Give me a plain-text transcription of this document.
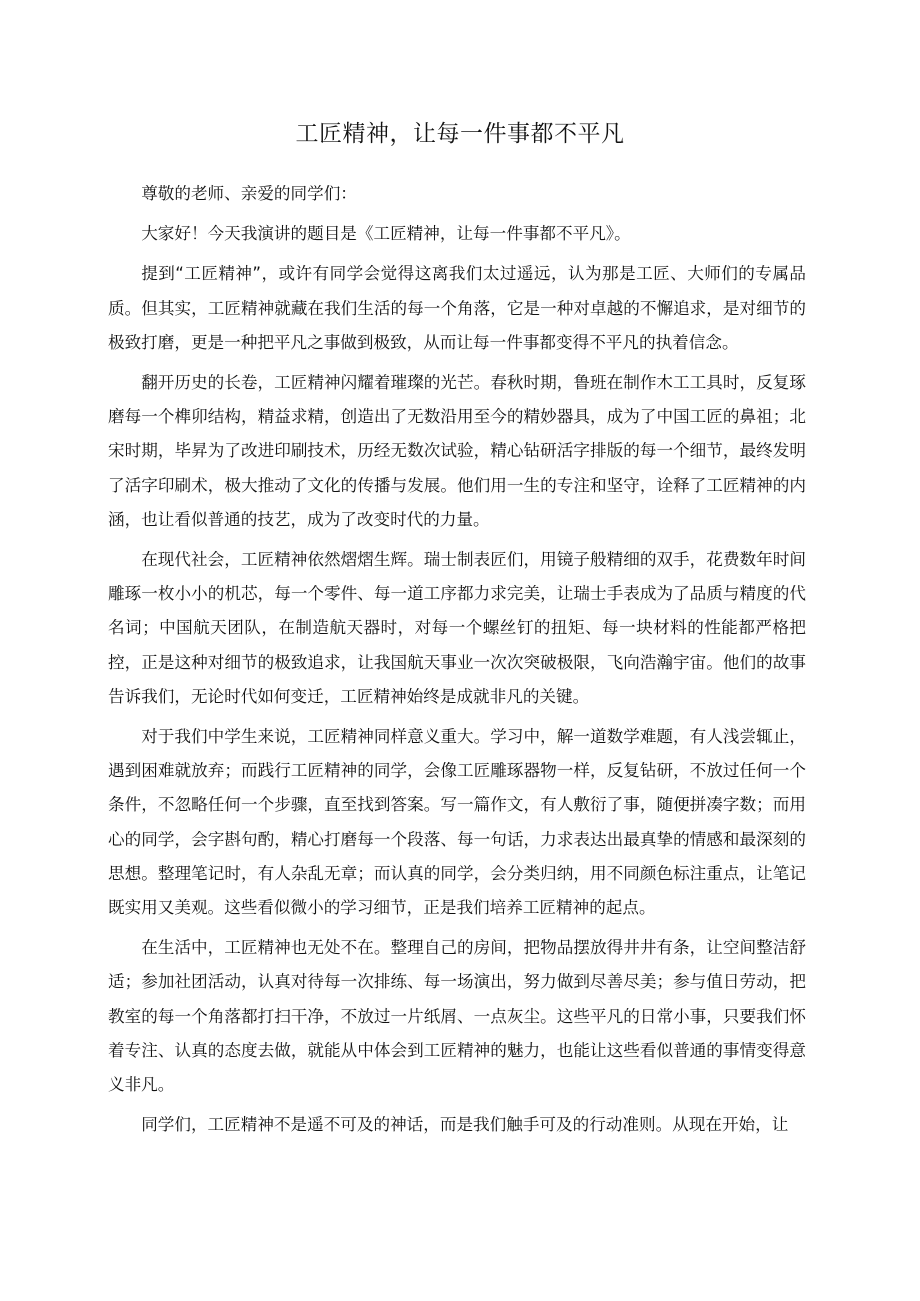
工匠精神，让每一件事都不平凡

尊敬的老师、亲爱的同学们：

大家好！今天我演讲的题目是《工匠精神，让每一件事都不平凡》。

提到“工匠精神”，或许有同学会觉得这离我们太过遥远，认为那是工匠、大师们的专属品质。但其实，工匠精神就藏在我们生活的每一个角落，它是一种对卓越的不懈追求，是对细节的极致打磨，更是一种把平凡之事做到极致，从而让每一件事都变得不平凡的执着信念。

翻开历史的长卷，工匠精神闪耀着璀璨的光芒。春秋时期，鲁班在制作木工工具时，反复琢磨每一个榫卯结构，精益求精，创造出了无数沿用至今的精妙器具，成为了中国工匠的鼻祖；北宋时期，毕昇为了改进印刷技术，历经无数次试验，精心钻研活字排版的每一个细节，最终发明了活字印刷术，极大推动了文化的传播与发展。他们用一生的专注和坚守，诠释了工匠精神的内涵，也让看似普通的技艺，成为了改变时代的力量。

在现代社会，工匠精神依然熠熠生辉。瑞士制表匠们，用镜子般精细的双手，花费数年时间雕琢一枚小小的机芯，每一个零件、每一道工序都力求完美，让瑞士手表成为了品质与精度的代名词；中国航天团队，在制造航天器时，对每一个螺丝钉的扭矩、每一块材料的性能都严格把控，正是这种对细节的极致追求，让我国航天事业一次次突破极限，飞向浩瀚宇宙。他们的故事告诉我们，无论时代如何变迁，工匠精神始终是成就非凡的关键。

对于我们中学生来说，工匠精神同样意义重大。学习中，解一道数学难题，有人浅尝辄止，遇到困难就放弃；而践行工匠精神的同学，会像工匠雕琢器物一样，反复钻研，不放过任何一个条件，不忽略任何一个步骤，直至找到答案。写一篇作文，有人敷衍了事，随便拼凑字数；而用心的同学，会字斟句酌，精心打磨每一个段落、每一句话，力求表达出最真挚的情感和最深刻的思想。整理笔记时，有人杂乱无章；而认真的同学，会分类归纳，用不同颜色标注重点，让笔记既实用又美观。这些看似微小的学习细节，正是我们培养工匠精神的起点。

在生活中，工匠精神也无处不在。整理自己的房间，把物品摆放得井井有条，让空间整洁舒适；参加社团活动，认真对待每一次排练、每一场演出，努力做到尽善尽美；参与值日劳动，把教室的每一个角落都打扫干净，不放过一片纸屑、一点灰尘。这些平凡的日常小事，只要我们怀着专注、认真的态度去做，就能从中体会到工匠精神的魅力，也能让这些看似普通的事情变得意义非凡。

同学们，工匠精神不是遥不可及的神话，而是我们触手可及的行动准则。从现在开始，让
